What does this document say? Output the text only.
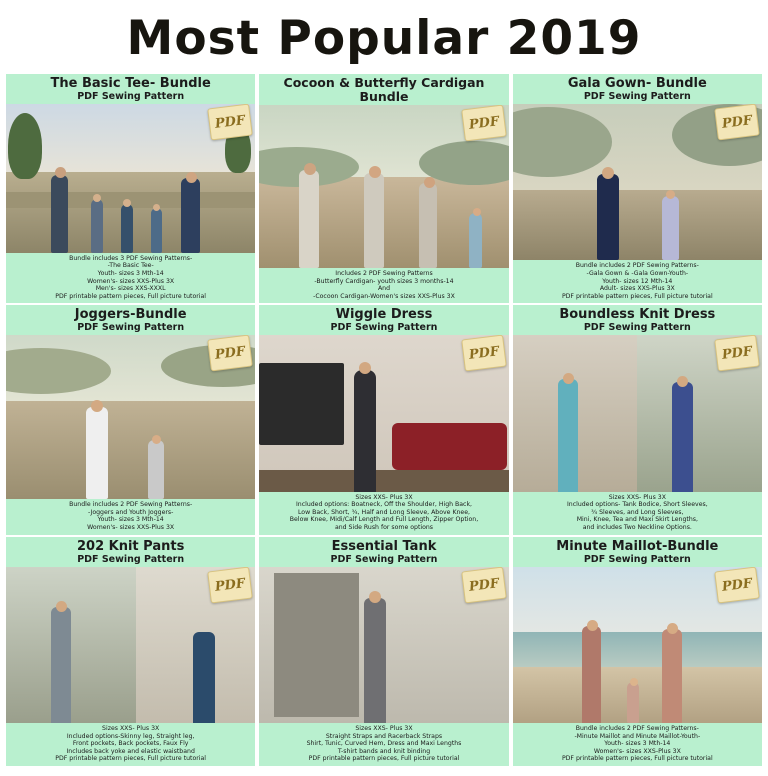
Most Popular 2019
The Basic Tee- Bundle
PDF Sewing Pattern
PDF
Bundle includes 3 PDF Sewing Patterns-
-The Basic Tee-
Youth- sizes 3 Mth-14
Women's- sizes XXS-Plus 3X
Men's- sizes XXS-XXXL
PDF printable pattern pieces, Full picture tutorial
Cocoon & Butterfly Cardigan Bundle
PDF
Includes 2 PDF Sewing Patterns
-Butterfly Cardigan- youth sizes 3 months-14
And
-Cocoon Cardigan-Women's sizes XXS-Plus 3X
Gala Gown- Bundle
PDF Sewing Pattern
PDF
Bundle includes 2 PDF Sewing Patterns-
-Gala Gown & -Gala Gown-Youth-
Youth- sizes 12 Mth-14
Adult- sizes XXS-Plus 3X
PDF printable pattern pieces, Full picture tutorial
Joggers-Bundle
PDF Sewing Pattern
PDF
Bundle includes 2 PDF Sewing Patterns-
-Joggers and Youth Joggers-
Youth- sizes 3 Mth-14
Women's- sizes XXS-Plus 3X
Wiggle Dress
PDF Sewing Pattern
PDF
Sizes XXS- Plus 3X
Included options: Boatneck, Off the Shoulder, High Back,
Low Back, Short, ¾, Half and Long Sleeve, Above Knee,
Below Knee, Midi/Calf Length and Full Length, Zipper Option,
and Side Rush for some options
Boundless Knit Dress
PDF Sewing Pattern
PDF
Sizes XXS- Plus 3X
Included options- Tank Bodice, Short Sleeves,
¾ Sleeves, and Long Sleeves,
Mini, Knee, Tea and Maxi Skirt Lengths,
and includes Two Neckline Options.
202 Knit Pants
PDF Sewing Pattern
PDF
Sizes XXS- Plus 3X
Included options-Skinny leg, Straight leg,
Front pockets, Back pockets, Faux Fly
Includes back yoke and elastic waistband
PDF printable pattern pieces, Full picture tutorial
Essential Tank
PDF Sewing Pattern
PDF
Sizes XXS- Plus 3X
Straight Straps and Racerback Straps
Shirt, Tunic, Curved Hem, Dress and Maxi Lengths
T-shirt bands and knit binding
PDF printable pattern pieces, Full picture tutorial
Minute Maillot-Bundle
PDF Sewing Pattern
PDF
Bundle includes 2 PDF Sewing Patterns-
-Minute Maillot and Minute Maillot-Youth-
Youth- sizes 3 Mth-14
Women's- sizes XXS-Plus 3X
PDF printable pattern pieces, Full picture tutorial
